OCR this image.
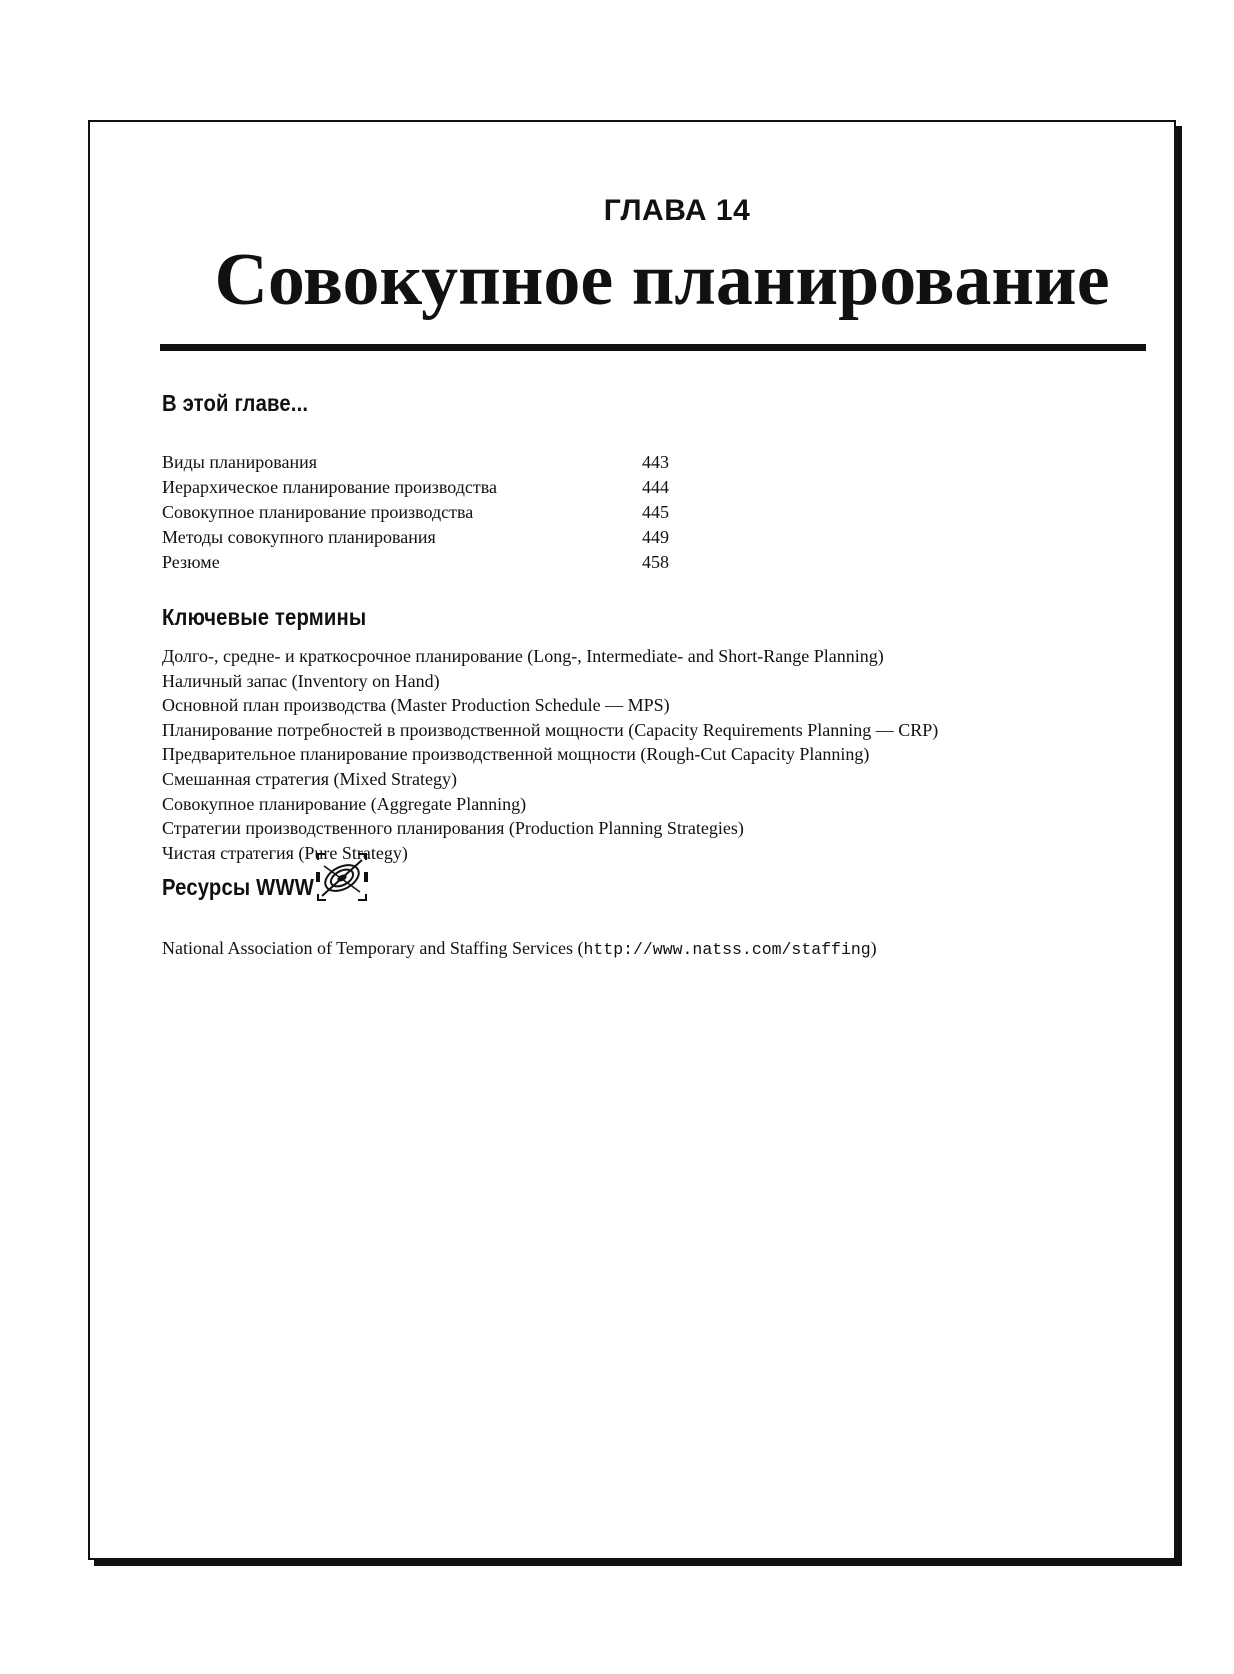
ГЛАВА 14
Совокупное планирование
В этой главе...
Виды планирования	443
Иерархическое планирование производства	444
Совокупное планирование производства	445
Методы совокупного планирования	449
Резюме	458
Ключевые термины
Долго-, средне- и краткосрочное планирование (Long-, Intermediate- and Short-Range Planning)
Наличный запас (Inventory on Hand)
Основной план производства (Master Production Schedule — MPS)
Планирование потребностей в производственной мощности (Capacity Requirements Planning — CRP)
Предварительное планирование производственной мощности (Rough-Cut Capacity Planning)
Смешанная стратегия (Mixed Strategy)
Совокупное планирование (Aggregate Planning)
Стратегии производственного планирования (Production Planning Strategies)
Чистая стратегия (Pure Strategy)
Ресурсы WWW
National Association of Temporary and Staffing Services (http://www.natss.com/staffing)
